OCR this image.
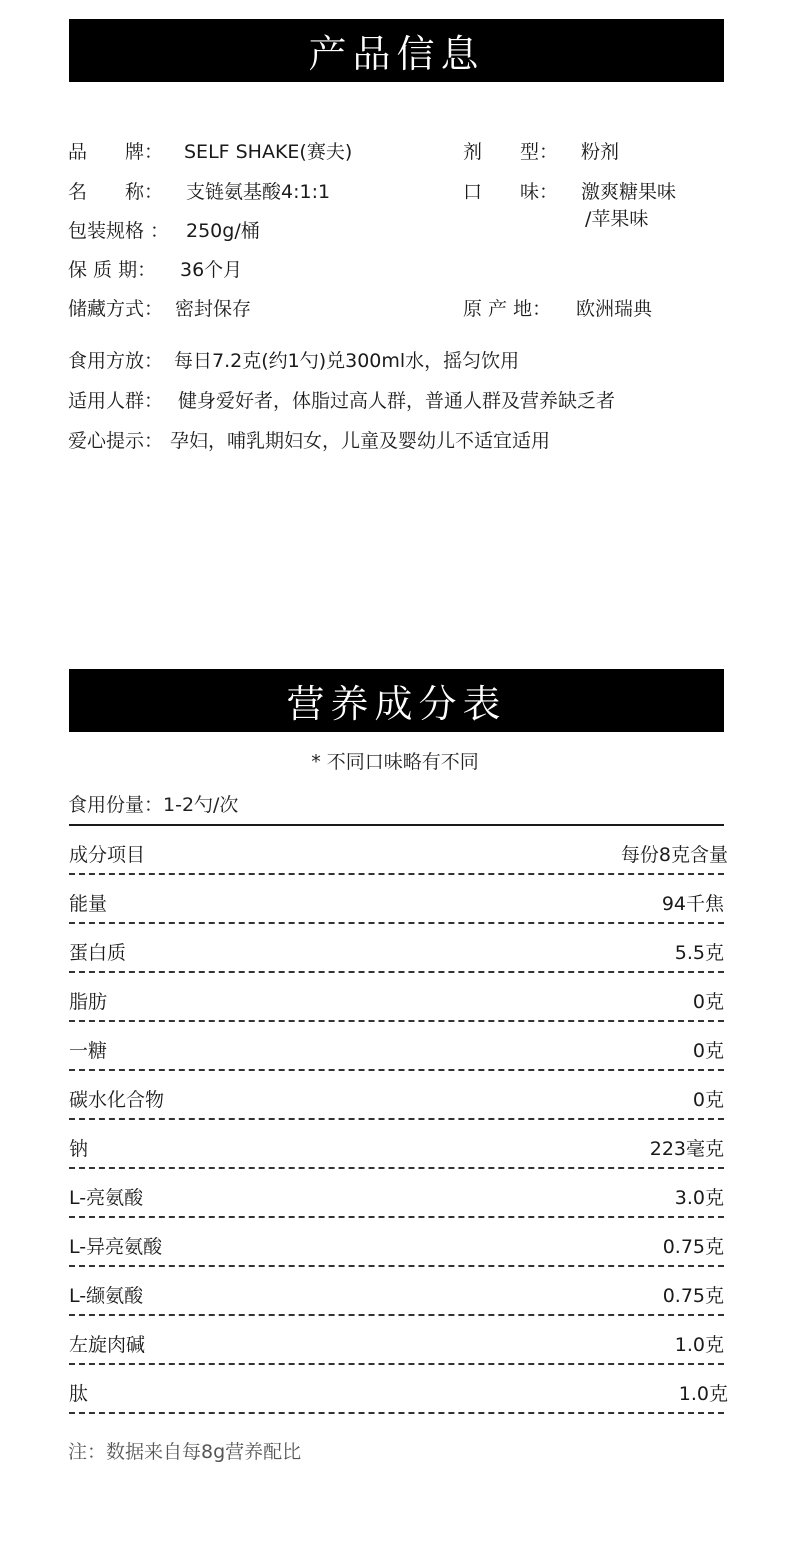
产品信息
品　　牌： SELF SHAKE(赛夫)	剂　　型： 粉剂
名　　称： 支链氨基酸4:1:1	口　　味： 激爽糖果味
/苹果味
包装规格 ： 250g/桶
保 质 期： 36个月
储藏方式： 密封保存	原 产 地： 欧洲瑞典
食用方放： 每日7.2克(约1勺)兑300ml水，摇匀饮用
适用人群： 健身爱好者，体脂过高人群，普通人群及营养缺乏者
爱心提示： 孕妇，哺乳期妇女，儿童及婴幼儿不适宜适用
营养成分表
* 不同口味略有不同
食用份量：1-2勺/次
成分项目	每份8克含量
能量	94千焦
蛋白质	5.5克
脂肪	0克
一糖	0克
碳水化合物	0克
钠	223毫克
L-亮氨酸	3.0克
L-异亮氨酸	0.75克
L-缬氨酸	0.75克
左旋肉碱	1.0克
肽	1.0克
注：数据来自每8g营养配比
